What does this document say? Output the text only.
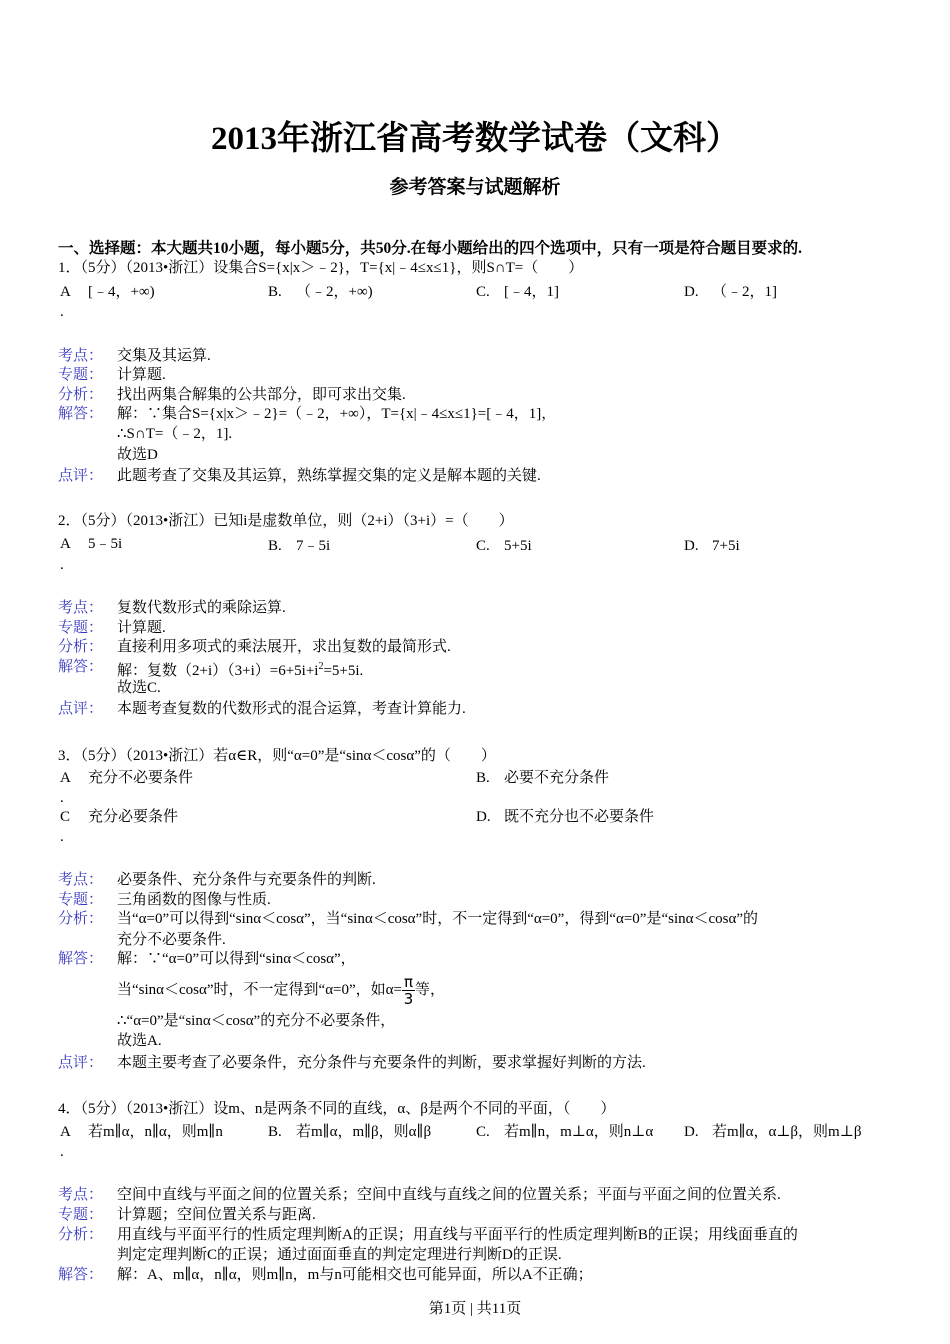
2013年浙江省高考数学试卷（文科）
参考答案与试题解析
一、选择题：本大题共10小题，每小题5分，共50分.在每小题给出的四个选项中，只有一项是符合题目要求的.
1．（5分）（2013•浙江）设集合S={x|x＞﹣2}，T={x|﹣4≤x≤1}，则S∩T=（　　）
A [﹣4，+∞)	B. （﹣2，+∞)	C. [﹣4，1]	D. （﹣2，1]
.
考点： 交集及其运算.
专题： 计算题.
分析： 找出两集合解集的公共部分，即可求出交集.
解答： 解：∵集合S={x|x＞﹣2}=（﹣2，+∞），T={x|﹣4≤x≤1}=[﹣4，1]，
∴S∩T=（﹣2，1].
故选D
点评： 此题考查了交集及其运算，熟练掌握交集的定义是解本题的关键.
2．（5分）（2013•浙江）已知i是虚数单位，则（2+i）（3+i）=（　　）
A 5﹣5i	B. 7﹣5i	C. 5+5i	D. 7+5i
.
考点： 复数代数形式的乘除运算.
专题： 计算题.
分析： 直接利用多项式的乘法展开，求出复数的最简形式.
解答： 解：复数$(2+i)(3+i)=6+5i+i^2=5+5i$.
故选C.
点评： 本题考查复数的代数形式的混合运算，考查计算能力.
3．（5分）（2013•浙江）若α∈R，则“α=0”是“sinα＜cosα”的（　　）
A 充分不必要条件	B. 必要不充分条件
.
C 充分必要条件	D. 既不充分也不必要条件
.
考点： 必要条件、充分条件与充要条件的判断.
专题： 三角函数的图像与性质.
分析： 当“α=0”可以得到“sinα＜cosα”，当“sinα＜cosα”时，不一定得到“α=0”，得到“α=0”是“sinα＜cosα”的
充分不必要条件.
解答： 解：∵“α=0”可以得到“sinα＜cosα”，
当“sinα＜cosα”时，不一定得到“α=0”，如$\alpha= \frac{\pi}{3}$ 等，
∴“α=0”是“sinα＜cosα”的充分不必要条件，
故选A.
点评： 本题主要考查了必要条件，充分条件与充要条件的判断，要求掌握好判断的方法.
4．（5分）（2013•浙江）设m、n是两条不同的直线，α、β是两个不同的平面，（　　）
A 若m∥α，n∥α，则m∥n	B. 若m∥α，m∥β，则α∥β	C. 若m∥n，m⊥α，则n⊥α D. 若m∥α，α⊥β，则m⊥β
.
考点： 空间中直线与平面之间的位置关系；空间中直线与直线之间的位置关系；平面与平面之间的位置关系.
专题： 计算题；空间位置关系与距离.
分析： 用直线与平面平行的性质定理判断A的正误；用直线与平面平行的性质定理判断B的正误；用线面垂直的
判定定理判断C的正误；通过面面垂直的判定定理进行判断D的正误.
解答： 解：A、m∥α，n∥α，则m∥n，m与n可能相交也可能异面，所以A不正确；
第1页 | 共11页
